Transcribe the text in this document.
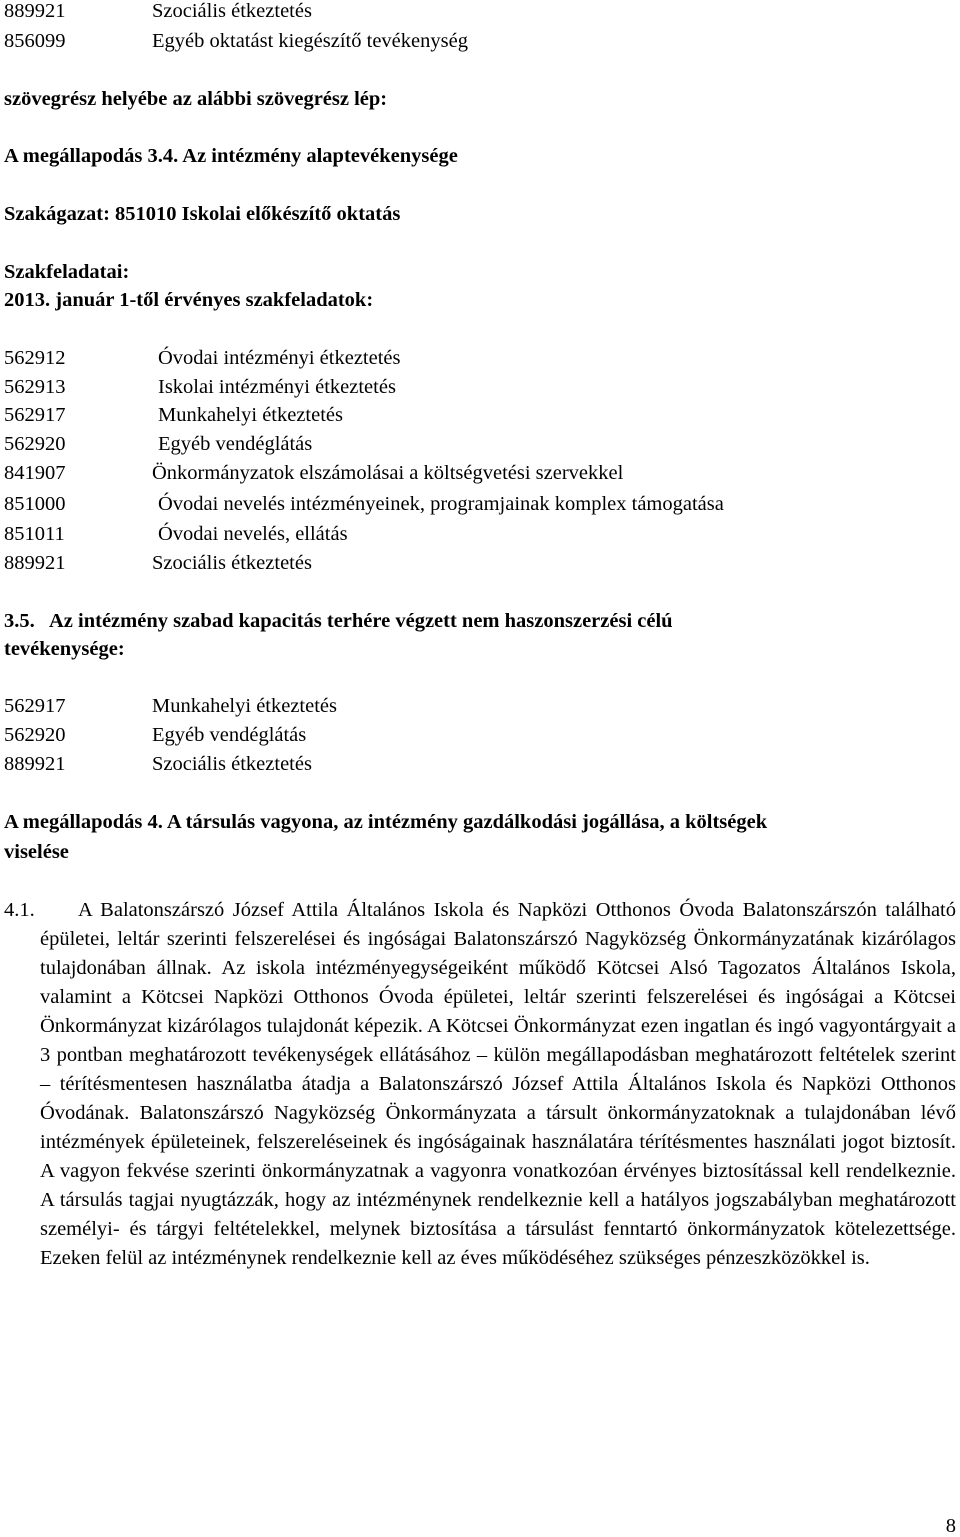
889921	Szociális étkeztetés
856099	Egyéb oktatást kiegészítő tevékenység
szövegrész helyébe az alábbi szövegrész lép:
A megállapodás 3.4. Az intézmény alaptevékenysége
Szakágazat: 851010 Iskolai előkészítő oktatás
Szakfeladatai:
2013. január 1-től érvényes szakfeladatok:
562912	Óvodai intézményi étkeztetés
562913	Iskolai intézményi étkeztetés
562917	Munkahelyi étkeztetés
562920	Egyéb vendéglátás
841907	Önkormányzatok elszámolásai a költségvetési szervekkel
851000	Óvodai nevelés intézményeinek, programjainak komplex támogatása
851011	Óvodai nevelés, ellátás
889921	Szociális étkeztetés
3.5.   Az intézmény szabad kapacitás terhére végzett nem haszonszerzési célú
tevékenysége:
562917	Munkahelyi étkeztetés
562920	Egyéb vendéglátás
889921	Szociális étkeztetés
A megállapodás 4. A társulás vagyona, az intézmény gazdálkodási jogállása, a költségek
viselése
4.1.	A Balatonszárszó József Attila Általános Iskola és Napközi Otthonos Óvoda Balatonszárszón található épületei, leltár szerinti felszerelései és ingóságai Balatonszárszó Nagyközség Önkormányzatának kizárólagos tulajdonában állnak. Az iskola intézményegységeiként működő Kötcsei Alsó Tagozatos Általános Iskola, valamint a Kötcsei Napközi Otthonos Óvoda épületei, leltár szerinti felszerelései és ingóságai a Kötcsei Önkormányzat kizárólagos tulajdonát képezik. A Kötcsei Önkormányzat ezen ingatlan és ingó vagyontárgyait a 3 pontban meghatározott tevékenységek ellátásához – külön megállapodásban meghatározott feltételek szerint – térítésmentesen használatba átadja a Balatonszárszó József Attila Általános Iskola és Napközi Otthonos Óvodának. Balatonszárszó Nagyközség Önkormányzata a társult önkormányzatoknak a tulajdonában lévő intézmények épületeinek, felszereléseinek és ingóságainak használatára térítésmentes használati jogot biztosít. A vagyon fekvése szerinti önkormányzatnak a vagyonra vonatkozóan érvényes biztosítással kell rendelkeznie. A társulás tagjai nyugtázzák, hogy az intézménynek rendelkeznie kell a hatályos jogszabályban meghatározott személyi- és tárgyi feltételekkel, melynek biztosítása a társulást fenntartó önkormányzatok kötelezettsége. Ezeken felül az intézménynek rendelkeznie kell az éves működéséhez szükséges pénzeszközökkel is.
8
